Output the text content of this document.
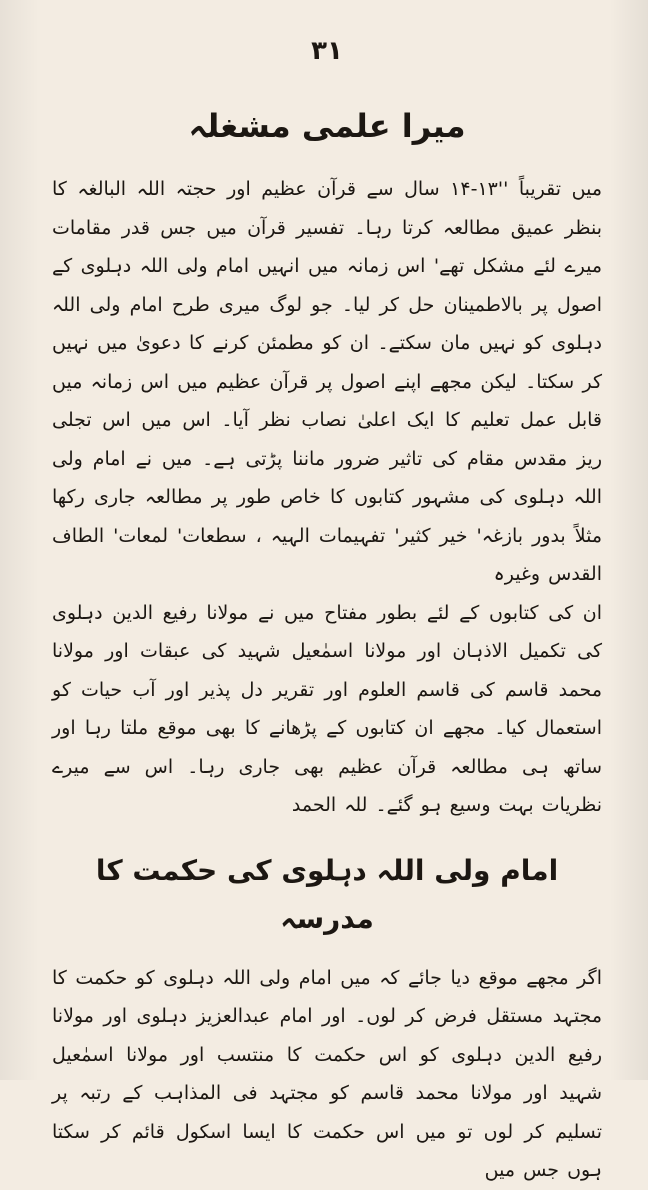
۳۱
میرا علمی مشغلہ

میں تقریباً ''۱۳-۱۴ سال سے قرآن عظیم اور حجتہ اللہ البالغہ کا بنظر عمیق مطالعہ کرتا رہا۔ تفسیر قرآن میں جس قدر مقامات میرے لئے مشکل تھے' اس زمانہ میں انہیں امام ولی اللہ دہلوی کے اصول پر بالاطمینان حل کر لیا۔ جو لوگ میری طرح امام ولی اللہ دہلوی کو نہیں مان سکتے۔ ان کو مطمئن کرنے کا دعویٰ میں نہیں کر سکتا۔ لیکن مجھے اپنے اصول پر قرآن عظیم میں اس زمانہ میں قابل عمل تعلیم کا ایک اعلیٰ نصاب نظر آیا۔ اس میں اس تجلی ریز مقدس مقام کی تاثیر ضرور ماننا پڑتی ہے۔ میں نے امام ولی اللہ دہلوی کی مشہور کتابوں کا خاص طور پر مطالعہ جاری رکھا مثلاً بدور بازغہ' خیر کثیر' تفہیمات الہیہ ، سطعات' لمعات' الطاف القدس وغیرہ

ان کی کتابوں کے لئے بطور مفتاح میں نے مولانا رفیع الدین دہلوی کی تکمیل الاذہان اور مولانا اسمٰعیل شہید کی عبقات اور مولانا محمد قاسم کی قاسم العلوم اور تقریر دل پذیر اور آب حیات کو استعمال کیا۔ مجھے ان کتابوں کے پڑھانے کا بھی موقع ملتا رہا اور ساتھ ہی مطالعہ قرآن عظیم بھی جاری رہا۔ اس سے میرے نظریات بہت وسیع ہو گئے۔ للہ الحمد

امام ولی اللہ دہلوی کی حکمت کا مدرسہ

اگر مجھے موقع دیا جائے کہ میں امام ولی اللہ دہلوی کو حکمت کا مجتہد مستقل فرض کر لوں۔ اور امام عبدالعزیز دہلوی اور مولانا رفیع الدین دہلوی کو اس حکمت کا منتسب اور مولانا اسمٰعیل شہید اور مولانا محمد قاسم کو مجتہد فی المذاہب کے رتبہ پر تسلیم کر لوں تو میں اس حکمت کا ایسا اسکول قائم کر سکتا ہوں جس میں
